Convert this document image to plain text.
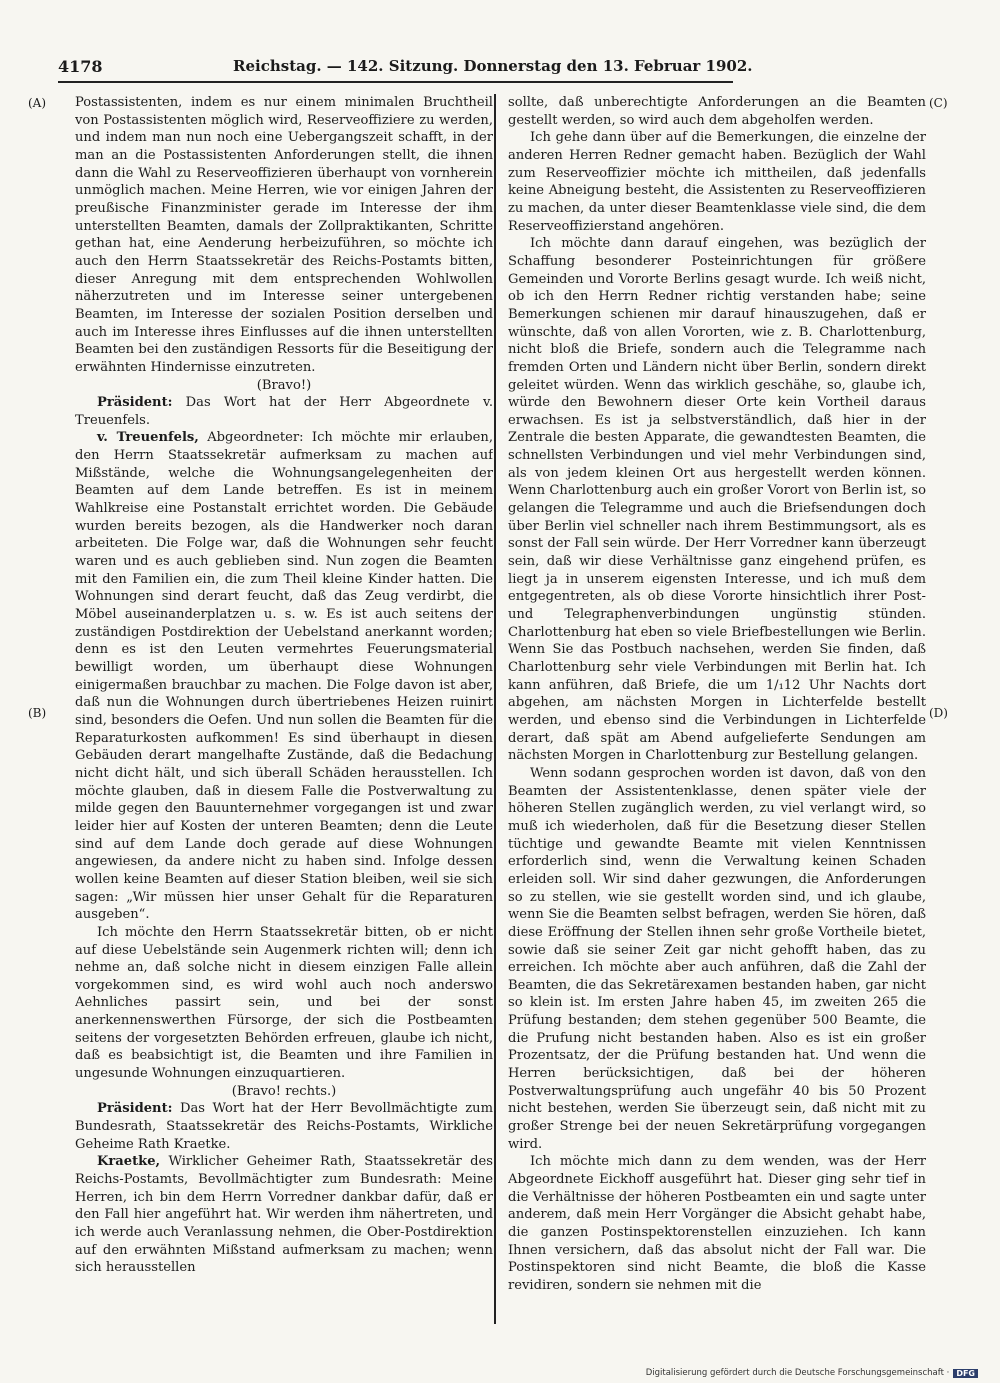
4178	Reichstag. — 142. Sitzung. Donnerstag den 13. Februar 1902.
(A)
(B)
(C)
(D)

Postassistenten, indem es nur einem minimalen Bruchtheil von Postassistenten möglich wird, Reserveoffiziere zu werden, und indem man nun noch eine Uebergangszeit schafft, in der man an die Postassistenten Anforderungen stellt, die ihnen dann die Wahl zu Reserveoffizieren überhaupt von vornherein unmöglich machen. Meine Herren, wie vor einigen Jahren der preußische Finanzminister gerade im Interesse der ihm unterstellten Beamten, damals der Zollpraktikanten, Schritte gethan hat, eine Aenderung herbeizuführen, so möchte ich auch den Herrn Staatssekretär des Reichs-Postamts bitten, dieser Anregung mit dem entsprechenden Wohlwollen näherzutreten und im Interesse seiner untergebenen Beamten, im Interesse der sozialen Position derselben und auch im Interesse ihres Einflusses auf die ihnen unterstellten Beamten bei den zuständigen Ressorts für die Beseitigung der erwähnten Hindernisse einzutreten.

(Bravo!)

Präsident: Das Wort hat der Herr Abgeordnete v. Treuenfels.

v. Treuenfels, Abgeordneter: Ich möchte mir erlauben, den Herrn Staatssekretär aufmerksam zu machen auf Mißstände, welche die Wohnungsangelegenheiten der Beamten auf dem Lande betreffen. Es ist in meinem Wahlkreise eine Postanstalt errichtet worden. Die Gebäude wurden bereits bezogen, als die Handwerker noch daran arbeiteten. Die Folge war, daß die Wohnungen sehr feucht waren und es auch geblieben sind. Nun zogen die Beamten mit den Familien ein, die zum Theil kleine Kinder hatten. Die Wohnungen sind derart feucht, daß das Zeug verdirbt, die Möbel auseinanderplatzen u. s. w. Es ist auch seitens der zuständigen Postdirektion der Uebelstand anerkannt worden; denn es ist den Leuten vermehrtes Feuerungsmaterial bewilligt worden, um überhaupt diese Wohnungen einigermaßen brauchbar zu machen. Die Folge davon ist aber, daß nun die Wohnungen durch übertriebenes Heizen ruinirt sind, besonders die Oefen. Und nun sollen die Beamten für die Reparaturkosten aufkommen! Es sind überhaupt in diesen Gebäuden derart mangelhafte Zustände, daß die Bedachung nicht dicht hält, und sich überall Schäden herausstellen. Ich möchte glauben, daß in diesem Falle die Postverwaltung zu milde gegen den Bauunternehmer vorgegangen ist und zwar leider hier auf Kosten der unteren Beamten; denn die Leute sind auf dem Lande doch gerade auf diese Wohnungen angewiesen, da andere nicht zu haben sind. Infolge dessen wollen keine Beamten auf dieser Station bleiben, weil sie sich sagen: „Wir müssen hier unser Gehalt für die Reparaturen ausgeben“.

Ich möchte den Herrn Staatssekretär bitten, ob er nicht auf diese Uebelstände sein Augenmerk richten will; denn ich nehme an, daß solche nicht in diesem einzigen Falle allein vorgekommen sind, es wird wohl auch noch anderswo Aehnliches passirt sein, und bei der sonst anerkennenswerthen Fürsorge, der sich die Postbeamten seitens der vorgesetzten Behörden erfreuen, glaube ich nicht, daß es beabsichtigt ist, die Beamten und ihre Familien in ungesunde Wohnungen einzuquartieren.

(Bravo! rechts.)

Präsident: Das Wort hat der Herr Bevollmächtigte zum Bundesrath, Staatssekretär des Reichs-Postamts, Wirkliche Geheime Rath Kraetke.

Kraetke, Wirklicher Geheimer Rath, Staatssekretär des Reichs-Postamts, Bevollmächtigter zum Bundesrath: Meine Herren, ich bin dem Herrn Vorredner dankbar dafür, daß er den Fall hier angeführt hat. Wir werden ihm nähertreten, und ich werde auch Veranlassung nehmen, die Ober-Postdirektion auf den erwähnten Mißstand aufmerksam zu machen; wenn sich herausstellen

sollte, daß unberechtigte Anforderungen an die Beamten gestellt werden, so wird auch dem abgeholfen werden.

Ich gehe dann über auf die Bemerkungen, die einzelne der anderen Herren Redner gemacht haben. Bezüglich der Wahl zum Reserveoffizier möchte ich mittheilen, daß jedenfalls keine Abneigung besteht, die Assistenten zu Reserveoffizieren zu machen, da unter dieser Beamtenklasse viele sind, die dem Reserveoffizierstand angehören.

Ich möchte dann darauf eingehen, was bezüglich der Schaffung besonderer Posteinrichtungen für größere Gemeinden und Vororte Berlins gesagt wurde. Ich weiß nicht, ob ich den Herrn Redner richtig verstanden habe; seine Bemerkungen schienen mir darauf hinauszugehen, daß er wünschte, daß von allen Vororten, wie z. B. Charlottenburg, nicht bloß die Briefe, sondern auch die Telegramme nach fremden Orten und Ländern nicht über Berlin, sondern direkt geleitet würden. Wenn das wirklich geschähe, so, glaube ich, würde den Bewohnern dieser Orte kein Vortheil daraus erwachsen. Es ist ja selbstverständlich, daß hier in der Zentrale die besten Apparate, die gewandtesten Beamten, die schnellsten Verbindungen und viel mehr Verbindungen sind, als von jedem kleinen Ort aus hergestellt werden können. Wenn Charlottenburg auch ein großer Vorort von Berlin ist, so gelangen die Telegramme und auch die Briefsendungen doch über Berlin viel schneller nach ihrem Bestimmungsort, als es sonst der Fall sein würde. Der Herr Vorredner kann überzeugt sein, daß wir diese Verhältnisse ganz eingehend prüfen, es liegt ja in unserem eigensten Interesse, und ich muß dem entgegentreten, als ob diese Vororte hinsichtlich ihrer Post- und Telegraphenverbindungen ungünstig stünden. Charlottenburg hat eben so viele Briefbestellungen wie Berlin. Wenn Sie das Postbuch nachsehen, werden Sie finden, daß Charlottenburg sehr viele Verbindungen mit Berlin hat. Ich kann anführen, daß Briefe, die um 1/₁12 Uhr Nachts dort abgehen, am nächsten Morgen in Lichterfelde bestellt werden, und ebenso sind die Verbindungen in Lichterfelde derart, daß spät am Abend aufgelieferte Sendungen am nächsten Morgen in Charlottenburg zur Bestellung gelangen.

Wenn sodann gesprochen worden ist davon, daß von den Beamten der Assistentenklasse, denen später viele der höheren Stellen zugänglich werden, zu viel verlangt wird, so muß ich wiederholen, daß für die Besetzung dieser Stellen tüchtige und gewandte Beamte mit vielen Kenntnissen erforderlich sind, wenn die Verwaltung keinen Schaden erleiden soll. Wir sind daher gezwungen, die Anforderungen so zu stellen, wie sie gestellt worden sind, und ich glaube, wenn Sie die Beamten selbst befragen, werden Sie hören, daß diese Eröffnung der Stellen ihnen sehr große Vortheile bietet, sowie daß sie seiner Zeit gar nicht gehofft haben, das zu erreichen. Ich möchte aber auch anführen, daß die Zahl der Beamten, die das Sekretärexamen bestanden haben, gar nicht so klein ist. Im ersten Jahre haben 45, im zweiten 265 die Prüfung bestanden; dem stehen gegenüber 500 Beamte, die die Prufung nicht bestanden haben. Also es ist ein großer Prozentsatz, der die Prüfung bestanden hat. Und wenn die Herren berücksichtigen, daß bei der höheren Postverwaltungsprüfung auch ungefähr 40 bis 50 Prozent nicht bestehen, werden Sie überzeugt sein, daß nicht mit zu großer Strenge bei der neuen Sekretärprüfung vorgegangen wird.

Ich möchte mich dann zu dem wenden, was der Herr Abgeordnete Eickhoff ausgeführt hat. Dieser ging sehr tief in die Verhältnisse der höheren Postbeamten ein und sagte unter anderem, daß mein Herr Vorgänger die Absicht gehabt habe, die ganzen Postinspektorenstellen einzuziehen. Ich kann Ihnen versichern, daß das absolut nicht der Fall war. Die Postinspektoren sind nicht Beamte, die bloß die Kasse revidiren, sondern sie nehmen mit die

Digitalisierung gefördert durch die Deutsche Forschungsgemeinschaft · DFG
